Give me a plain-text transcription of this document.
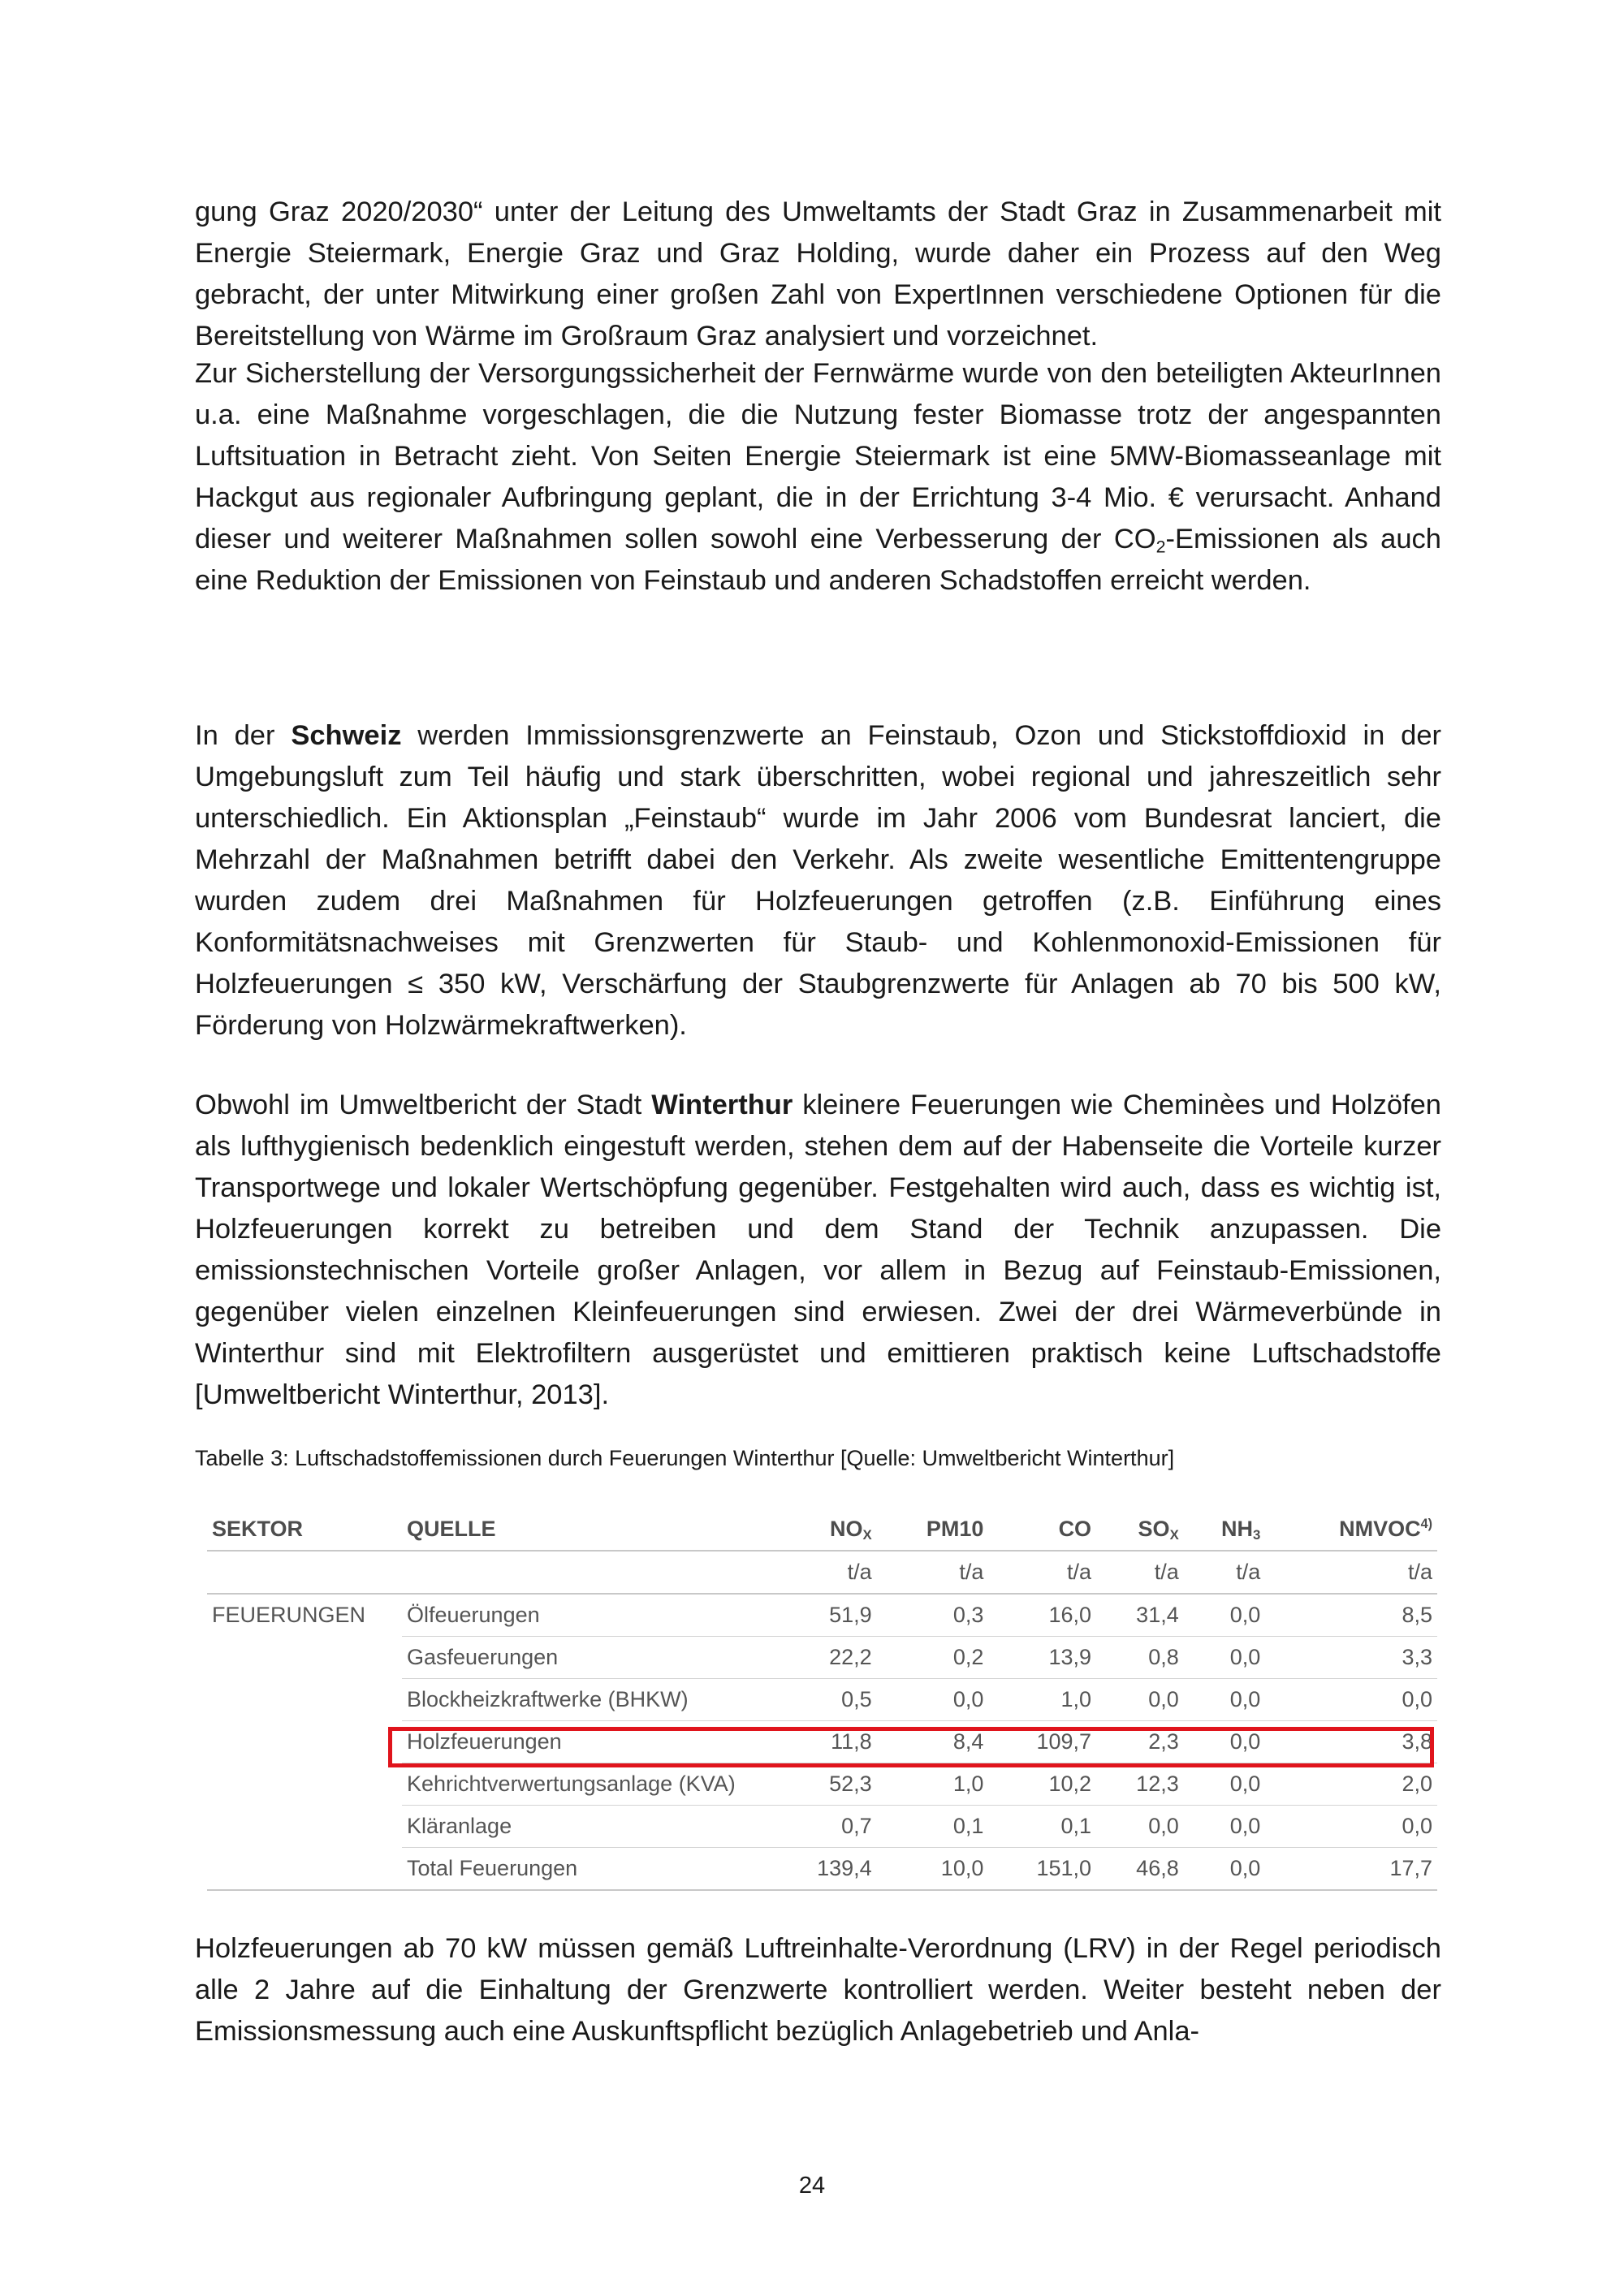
gung Graz 2020/2030“ unter der Leitung des Umweltamts der Stadt Graz in Zusammenarbeit mit Energie Steiermark, Energie Graz und Graz Holding, wurde daher ein Prozess auf den Weg gebracht, der unter Mitwirkung einer großen Zahl von ExpertInnen verschiedene Optionen für die Bereitstellung von Wärme im Großraum Graz analysiert und vorzeichnet.

Zur Sicherstellung der Versorgungssicherheit der Fernwärme wurde von den beteiligten AkteurInnen u.a. eine Maßnahme vorgeschlagen, die die Nutzung fester Biomasse trotz der angespannten Luftsituation in Betracht zieht. Von Seiten Energie Steiermark ist eine 5MW-Biomasseanlage mit Hackgut aus regionaler Aufbringung geplant, die in der Errichtung 3-4 Mio. € verursacht. Anhand dieser und weiterer Maßnahmen sollen sowohl eine Verbesserung der $CO_2$-Emissionen als auch eine Reduktion der Emissionen von Feinstaub und anderen Schadstoffen erreicht werden.

In der Schweiz werden Immissionsgrenzwerte an Feinstaub, Ozon und Stickstoffdioxid in der Umgebungsluft zum Teil häufig und stark überschritten, wobei regional und jahreszeitlich sehr unterschiedlich. Ein Aktionsplan „Feinstaub“ wurde im Jahr 2006 vom Bundesrat lanciert, die Mehrzahl der Maßnahmen betrifft dabei den Verkehr. Als zweite wesentliche Emittentengruppe wurden zudem drei Maßnahmen für Holzfeuerungen getroffen (z.B. Einführung eines Konformitätsnachweises mit Grenzwerten für Staub- und Kohlenmonoxid-Emissionen für Holzfeuerungen ≤ 350 kW, Verschärfung der Staubgrenzwerte für Anlagen ab 70 bis 500 kW, Förderung von Holzwärmekraftwerken).

Obwohl im Umweltbericht der Stadt Winterthur kleinere Feuerungen wie Cheminèes und Holzöfen als lufthygienisch bedenklich eingestuft werden, stehen dem auf der Habenseite die Vorteile kurzer Transportwege und lokaler Wertschöpfung gegenüber. Festgehalten wird auch, dass es wichtig ist, Holzfeuerungen korrekt zu betreiben und dem Stand der Technik anzupassen. Die emissionstechnischen Vorteile großer Anlagen, vor allem in Bezug auf Feinstaub-Emissionen, gegenüber vielen einzelnen Kleinfeuerungen sind erwiesen. Zwei der drei Wärmeverbünde in Winterthur sind mit Elektrofiltern ausgerüstet und emittieren praktisch keine Luftschadstoffe [Umweltbericht Winterthur, 2013].

Tabelle 3: Luftschadstoffemissionen durch Feuerungen Winterthur [Quelle: Umweltbericht Winterthur]

SEKTOR	QUELLE	$NO_X$	PM10	CO	$SO_X$	$NH_3$	NMVOC$^{4)}$
		t/a	t/a	t/a	t/a	t/a	t/a
FEUERUNGEN	Ölfeuerungen	51,9	0,3	16,0	31,4	0,0	8,5
	Gasfeuerungen	22,2	0,2	13,9	0,8	0,0	3,3
	Blockheizkraftwerke (BHKW)	0,5	0,0	1,0	0,0	0,0	0,0
	Holzfeuerungen	11,8	8,4	109,7	2,3	0,0	3,8
	Kehrichtverwertungsanlage (KVA)	52,3	1,0	10,2	12,3	0,0	2,0
	Kläranlage	0,7	0,1	0,1	0,0	0,0	0,0
	Total Feuerungen	139,4	10,0	151,0	46,8	0,0	17,7

Holzfeuerungen ab 70 kW müssen gemäß Luftreinhalte-Verordnung (LRV) in der Regel periodisch alle 2 Jahre auf die Einhaltung der Grenzwerte kontrolliert werden. Weiter besteht neben der Emissionsmessung auch eine Auskunftspflicht bezüglich Anlagebetrieb und Anla-

24
